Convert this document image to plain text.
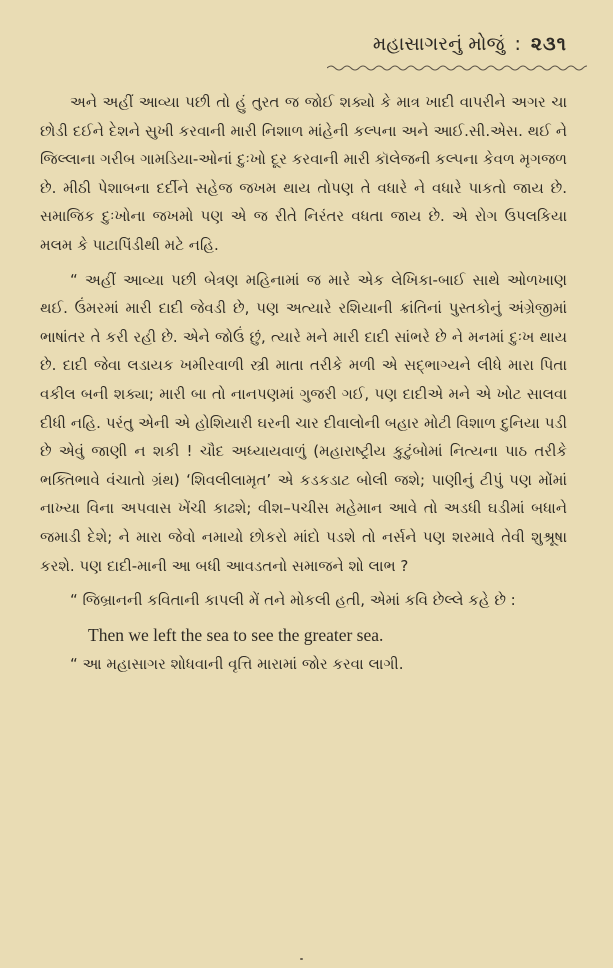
મહાસાગરનું મોજું : ૨૩૧

અને અહીં આવ્યા પછી તો હું તુરત જ જોઈ શક્યો કે માત્ર ખાદી વાપરીને અગર ચા છોડી દઈને દેશને સુખી કરવાની મારી નિશાળ માંહેની કલ્પના અને આઈ.સી.એસ. થઈ ને જિલ્લાના ગરીબ ગામડિયા-ઓનાં દુઃખો દૂર કરવાની મારી કૉલેજની કલ્પના કેવળ મૃગજળ છે. મીઠી પેશાબના દર્દીને સહેજ જખમ થાય તોપણ તે વધારે ને વધારે પાકતો જાય છે. સમાજિક દુઃખોના જખમો પણ એ જ રીતે નિરંતર વધતા જાય છે. એ રોગ ઉપલકિયા મલમ કે પાટાપિંડીથી મટે નહિ.

“ અહીં આવ્યા પછી બેત્રણ મહિનામાં જ મારે એક લેખિકા-બાઈ સાથે ઓળખાણ થઈ. ઉંમરમાં મારી દાદી જેવડી છે, પણ અત્યારે રશિયાની ક્રાંતિનાં પુસ્તકોનું અંગ્રેજીમાં ભાષાંતર તે કરી રહી છે. એને જોઉં છું, ત્યારે મને મારી દાદી સાંભરે છે ને મનમાં દુઃખ થાય છે. દાદી જેવા લડાયક ખમીરવાળી સ્ત્રી માતા તરીકે મળી એ સદ્ભાગ્યને લીધે મારા પિતા વકીલ બની શક્યા; મારી બા તો નાનપણમાં ગુજરી ગઈ, પણ દાદીએ મને એ ખોટ સાલવા દીધી નહિ. પરંતુ એની એ હોશિયારી ઘરની ચાર દીવાલોની બહાર મોટી વિશાળ દુનિયા પડી છે એવું જાણી ન શકી ! ચૌદ અધ્યાયવાળું (મહારાષ્ટ્રીય કુટુંબોમાં નિત્યના પાઠ તરીકે ભક્તિભાવે વંચાતો ગ્રંથ) ‘શિવલીલામૃત’ એ કડકડાટ બોલી જશે; પાણીનું ટીપું પણ મોંમાં નાખ્યા વિના અપવાસ ખેંચી કાઢશે; વીશ–પચીસ મહેમાન આવે તો અડધી ઘડીમાં બધાને જમાડી દેશે; ને મારા જેવો નમાયો છોકરો માંદો પડશે તો નર્સને પણ શરમાવે તેવી શુશ્રૂષા કરશે. પણ દાદી-માની આ બધી આવડતનો સમાજને શો લાભ ?

“ જિબ્રાનની કવિતાની કાપલી મેં તને મોકલી હતી, એમાં કવિ છેલ્લે કહે છે :

Then we left the sea to see the greater sea.

“ આ મહાસાગર શોધવાની વૃત્તિ મારામાં જોર કરવા લાગી.
